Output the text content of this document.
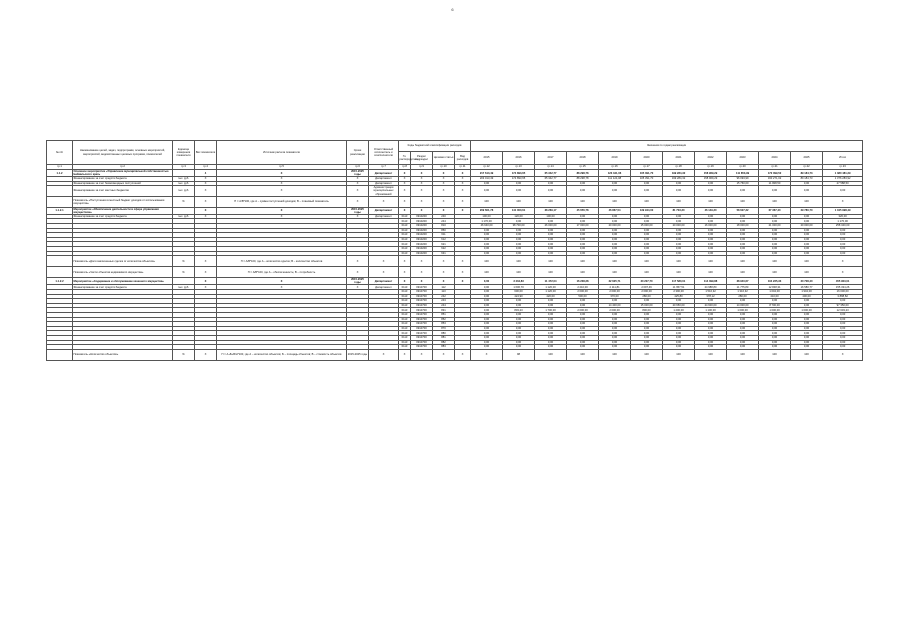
6
№ п/п	Наименование целей, задач, подпрограмм, основных мероприятий, мероприятий, ведомственных целевых программ, показателей	Единица измерения показателя	Вес показателя	Источник расчета показателя	Сроки реализации	Ответственный исполнитель и соисполнители	Коды бюджетной классификации расходов				Значения по годам реализации											
							Гл. распорядитель	Раздел подраздел	Целевая статья	Вид расходов	2015	2016	2017	2018	2019	2020	2021	2022	2023	2024	2025	Итого
гр.1	гр.2	гр.3	гр.4	гр.5	гр.6	гр.7	гр.8	гр.9	гр.10	гр.11	гр.12	гр.13	гр.14	гр.15	гр.16	гр.17	гр.18	гр.19	гр.20	гр.21	гр.22	гр.23
1.1.2	Основное мероприятие «Управление муниципальной собственностью Байкальского края»		4	Х	2015-2025 годы	Департамент	Х	Х	Х	Х	217 613,49	174 893,65	65 342,77	88 298,78	123 341,06	105 391,70	199 284,32	158 969,29	111 853,99	172 099,52	89 184,73	1 380 481,29
	Финансирование за счет средств бюджета	тыс. руб.	Х	Х	Х	Департамент	Х	Х	Х	Х	203 013,49	174 893,65	65 342,77	88 298,78	111 124,08	105 391,70	199 284,32	158 969,29	96 093,99	160 271,02	89 184,73	1 376 283,92
	Финансирование за счет безвозмездных поступлений	тыс. руб.	Х	Х	Х	Департамент	Х	Х	Х	Х	0,00	0,00	0,00	0,00	0,00	0,00	0,00	0,00	15 760,00	11 828,50	0,00	27 588,50
	Финансирование за счет местных бюджетов	тыс. руб.	Х	Х	Х	Администрации муниципальных образований	Х	Х	Х	Х	0,00	0,00	0,00	0,00	0,00	0,00	0,00	0,00	0,00	0,00	0,00	0,00
	Показатель «Поступления в местный бюджет доходов от использования имущества»	%	Х	П = A/B*100, где A – сумма поступлений доходов; B – плановый показатель	Х	Х	Х	Х	Х	Х	100	100	100	100	100	100	100	100	100	100	100	Х
1.1.2.1	Мероприятие «Обеспечение деятельности в сфере управления имуществом»		Х	Х	2015-2025 годы	Департамент	Х	Х	Х	Х	209 601,78	141 000,61	38 269,17	45 656,78	46 867,54	139 944,00	81 703,30	46 149,30	58 627,32	67 367,40	29 780,70	1 045 998,49
	Финансирование за счет средств бюджета	тыс. руб.	Х	Х	Х	Департамент	0113	0910200	240		100,00	120,00	100,00	0,00	0,00	0,00	0,00	0,00	0,00	0,00	0,00	320,00
							0113	0910200	244		1 170,00	0,00	0,00	0,00	0,00	0,00	0,00	0,00	0,00	0,00	0,00	1 170,00
							0113	0910200	810		46 640,00	38 700,00	26 000,00	17 000,00	20 000,00	15 000,00	20 000,00	16 000,00	18 000,00	21 000,00	20 000,00	258 340,00
							0113	0910200	850		0,00	0,00	0,00	0,00	0,00	0,00	0,00	0,00	0,00	0,00	0,00	0,00
							0113	0910200	611		0,00	0,00	0,00	0,00	0,00	0,00	0,00	0,00	0,00	0,00	0,00	0,00
							0113	0910200	612		0,00	0,00	0,00	0,00	0,00	0,00	0,00	0,00	0,00	0,00	0,00	0,00
							0113	0910200	621		0,00	0,00	0,00	0,00	0,00	0,00	0,00	0,00	0,00	0,00	0,00	0,00
							0113	0910200	622		0,00	0,00	0,00	0,00	0,00	0,00	0,00	0,00	0,00	0,00	0,00	0,00
							0113	0910200	631		0,00	0,00	0,00	0,00	0,00	0,00	0,00	0,00	0,00	0,00	0,00	0,00
	Показатель «Доля заключенных сделок от количества объектов»	%	Х	П = A/B*100, где A – количество сделок; B – количество объектов	Х	Х	Х	Х	Х	Х	100	100	100	100	100	100	100	100	100	100	100	Х
	Показатель «Число объектов недвижимого имущества»	%	Х	П = A/B*100, где A – обеспеченность; B – потребность	Х	Х	Х	Х	Х	Х	100	100	100	100	100	100	100	100	100	100	100	Х
1.1.2.2	Мероприятие «Содержание и обслуживание казенного имущества»		Х	Х	2015-2025 годы	Департамент	Х	Х	Х	Х	0,00	3 434,83	11 472,04	16 238,28	22 625,71	20 207,70	117 580,01	114 399,88	38 940,67	104 225,33	20 708,40	455 903,01
	Финансирование за счет средств бюджета	тыс. руб.	Х	Х	Х	Департамент	0113	0910700	112		0,00	1 606,70	1 120,00	2 210,00	2 111,81	2 097,46	11 657,51	24 988,80	11 775,80	12 848,31	16 580,77	155 334,26
							0113	0910700	113		0,00	600,00	1 120,00	2 000,00	2 000,00	2 090,00	2 390,00	1 516,32	1 316,32	1 004,00	1 904,00	16 000,00
							0113	0910700	242		0,00	424,90	420,00	500,00	370,00	280,00	425,80	378,12	280,00	410,00	400,00	3 888,82
							0113	0910700	243		0,00	0,00	0,00	0,00	0,00	0,00	0,00	0,00	0,00	0,00	0,00	0,00
							0113	0910700	244		0,00	0,00	0,00	0,00	14 400,00	15 000,00	20 650,00	24 600,00	14 000,00	8 700,00	0,00	97 350,00
							0113	0910700	831		0,00	803,23	1 700,00	2 000,00	2 000,00	800,00	1 200,00	1 100,00	1 000,00	1 000,00	1 000,00	12 603,23
							0113	0910700	851		0,00	0,00	0,00	0,00	0,00	0,00	0,00	0,00	0,00	0,00	0,00	0,00
							0113	0910700	852		0,00	0,00	0,00	0,00	0,00	0,00	0,00	0,00	0,00	0,00	0,00	0,00
							0113	0910700	853		0,00	0,00	0,00	0,00	0,00	0,00	0,00	0,00	0,00	0,00	0,00	0,00
							0113	0910700	870		0,00	0,00	0,00	0,00	0,00	0,00	0,00	0,00	0,00	0,00	0,00	0,00
							0113	0910700	880		0,00	0,00	0,00	0,00	0,00	0,00	0,00	0,00	0,00	0,00	0,00	0,00
							0113	0910700	881		0,00	0,00	0,00	0,00	0,00	0,00	0,00	0,00	0,00	0,00	0,00	0,00
							0113	0910700	882		0,00	0,00	0,00	0,00	0,00	0,00	0,00	0,00	0,00	0,00	0,00	0,00
							0113	0910700	883		0,00	0,00	0,00	0,00	0,00	0,00	0,00	0,00	0,00	0,00	0,00	0,00
	Показатель «Количество объектов»	%	Х	П = A+Б+В/Н*100, где А – количество объектов; Б – площадь объектов; В – стоимость объектов	2015-2025 годы	Х	Х	Х	Х	Х	Х	98	100	100	100	100	100	100	100	100	100	Х
